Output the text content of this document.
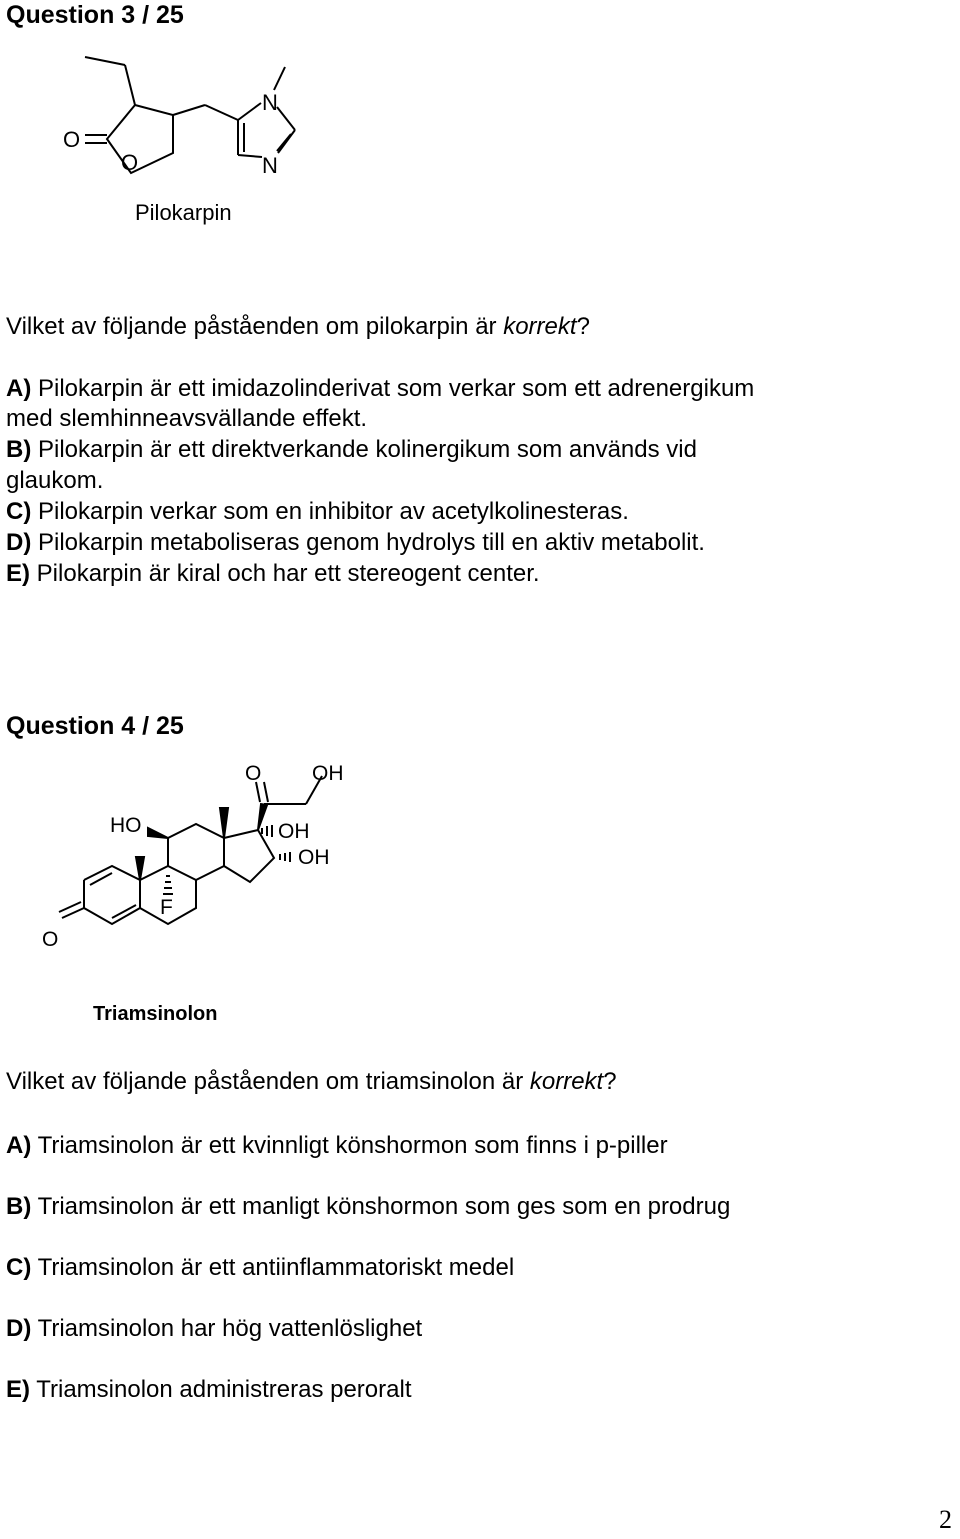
Question 3 / 25
O
O
N
N
Pilokarpin
Vilket av följande påståenden om pilokarpin är korrekt?
A) Pilokarpin är ett imidazolinderivat som verkar som ett adrenergikum
med slemhinneavsvällande effekt.
B) Pilokarpin är ett direktverkande kolinergikum som används vid
glaukom.
C) Pilokarpin verkar som en inhibitor av acetylkolinesteras.
D) Pilokarpin metaboliseras genom hydrolys till en aktiv metabolit.
E) Pilokarpin är kiral och har ett stereogent center.
Question 4 / 25
O OH
HO	OH
OH
F
O
Triamsinolon
Vilket av följande påståenden om triamsinolon är korrekt?
A) Triamsinolon är ett kvinnligt könshormon som finns i p-piller
B) Triamsinolon är ett manligt könshormon som ges som en prodrug
C) Triamsinolon är ett antiinflammatoriskt medel
D) Triamsinolon har hög vattenlöslighet
E) Triamsinolon administreras peroralt
2
